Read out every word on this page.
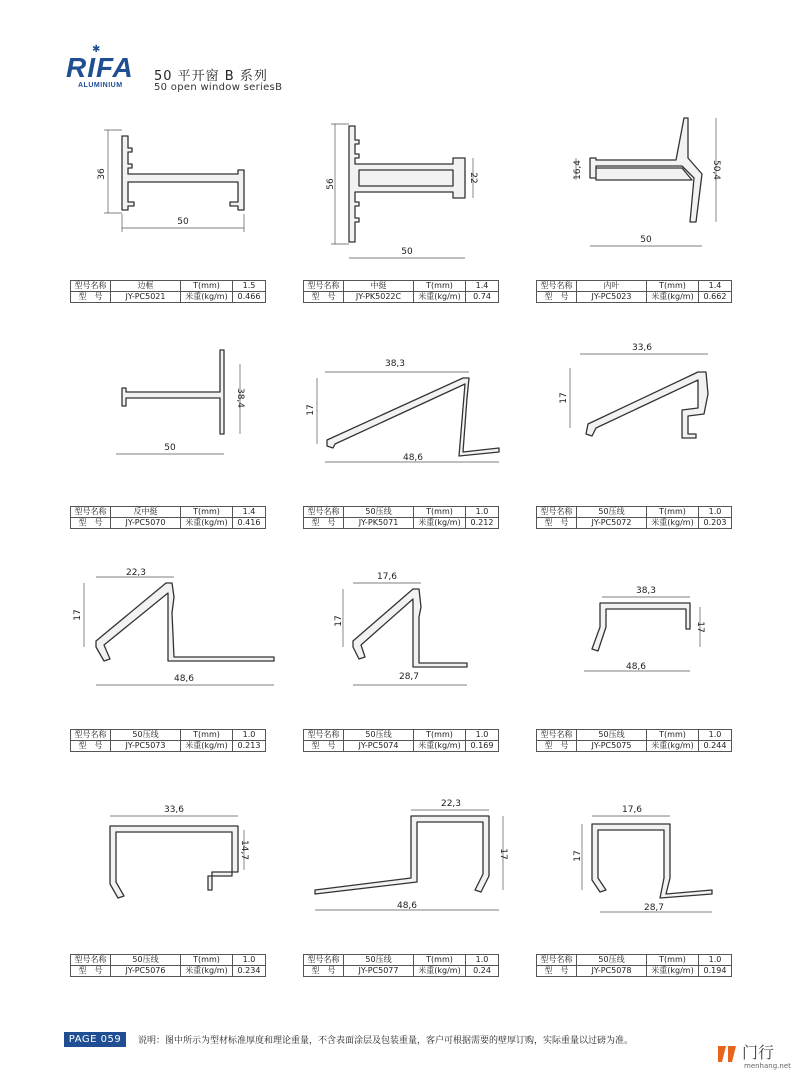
✱
RIFA
ALUMINIUM
50 平开窗 B 系列
50 open window seriesB
36
50
型号名称	边框	T(mm)	1.5
型　号	JY-PC5021	米重(kg/m)	0.466
56
22
50
型号名称	中挺	T(mm)	1.4
型　号	JY-PK5022C	米重(kg/m)	0.74
16,4	50,4
50
型号名称	内叶	T(mm)	1.4
型　号	JY-PC5023	米重(kg/m)	0.662
38,4
50
型号名称	反中挺	T(mm)	1.4
型　号	JY-PC5070	米重(kg/m)	0.416
38,3
17
48,6
型号名称	50压线	T(mm)	1.0
型　号	JY-PK5071	米重(kg/m)	0.212
33,6
17
型号名称	50压线	T(mm)	1.0
型　号	JY-PC5072	米重(kg/m)	0.203
22,3
17
48,6
型号名称	50压线	T(mm)	1.0
型　号	JY-PC5073	米重(kg/m)	0.213
17,6
17
28,7
型号名称	50压线	T(mm)	1.0
型　号	JY-PC5074	米重(kg/m)	0.169
38,3
17
48,6
型号名称	50压线	T(mm)	1.0
型　号	JY-PC5075	米重(kg/m)	0.244
33,6
14,7
型号名称	50压线	T(mm)	1.0
型　号	JY-PC5076	米重(kg/m)	0.234
22,3
17
48,6
型号名称	50压线	T(mm)	1.0
型　号	JY-PC5077	米重(kg/m)	0.24
17,6
17
28,7
型号名称	50压线	T(mm)	1.0
型　号	JY-PC5078	米重(kg/m)	0.194
PAGE 059	说明：图中所示为型材标准厚度和理论重量，不含表面涂层及包装重量，客户可根据需要的壁厚订购，实际重量以过磅为准。
门行
menhang.net
